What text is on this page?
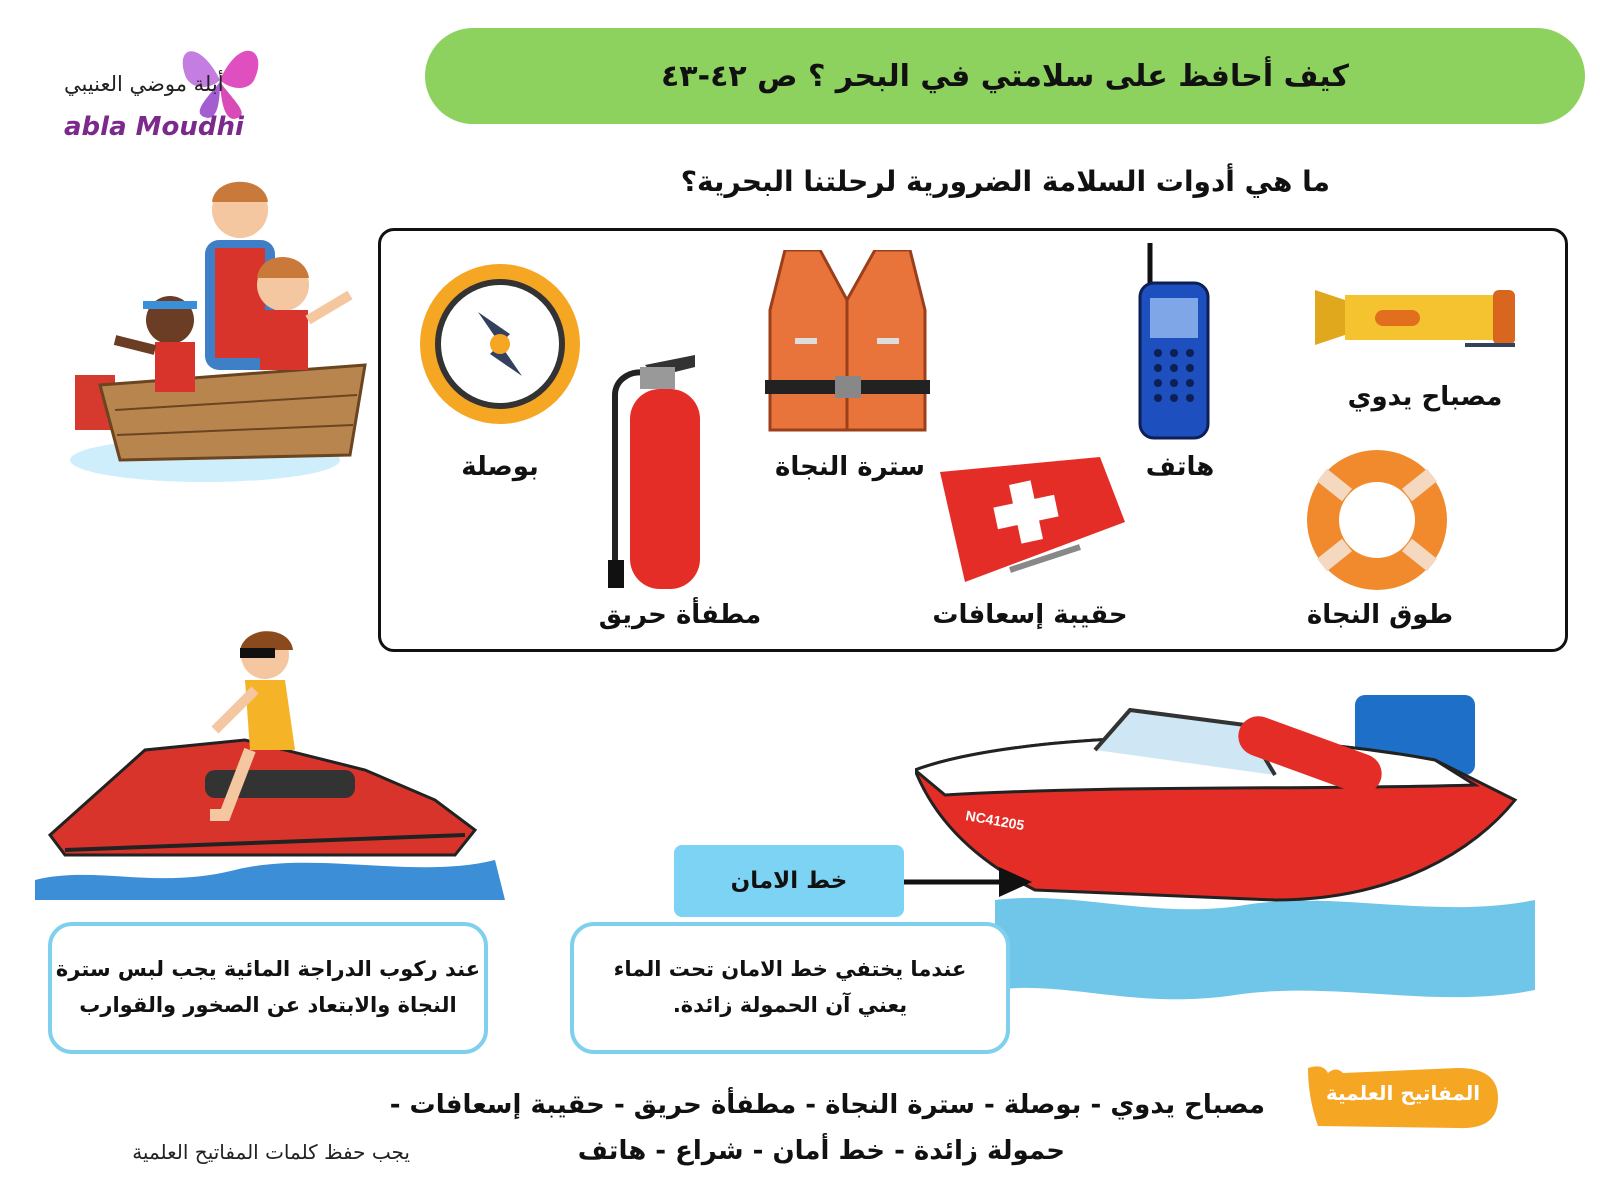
أبلة موضي العنيبي
abla Moudhi
كيف أحافظ على سلامتي في البحر ؟ ص ٤٢-٤٣
ما هي أدوات السلامة الضرورية لرحلتنا البحرية؟
مصباح يدوي
هاتف
سترة النجاة
بوصلة
طوق النجاة
حقيبة إسعافات
مطفأة حريق
NC41205
خط الامان
عند ركوب الدراجة المائية يجب لبس سترة
النجاة والابتعاد عن الصخور والقوارب
عندما يختفي خط الامان تحت الماء
يعني آن الحمولة زائدة.
المفاتيح العلمية
مصباح يدوي - بوصلة - سترة النجاة - مطفأة حريق - حقيبة إسعافات -
حمولة زائدة - خط أمان - شراع - هاتف
يجب حفظ كلمات المفاتيح العلمية
